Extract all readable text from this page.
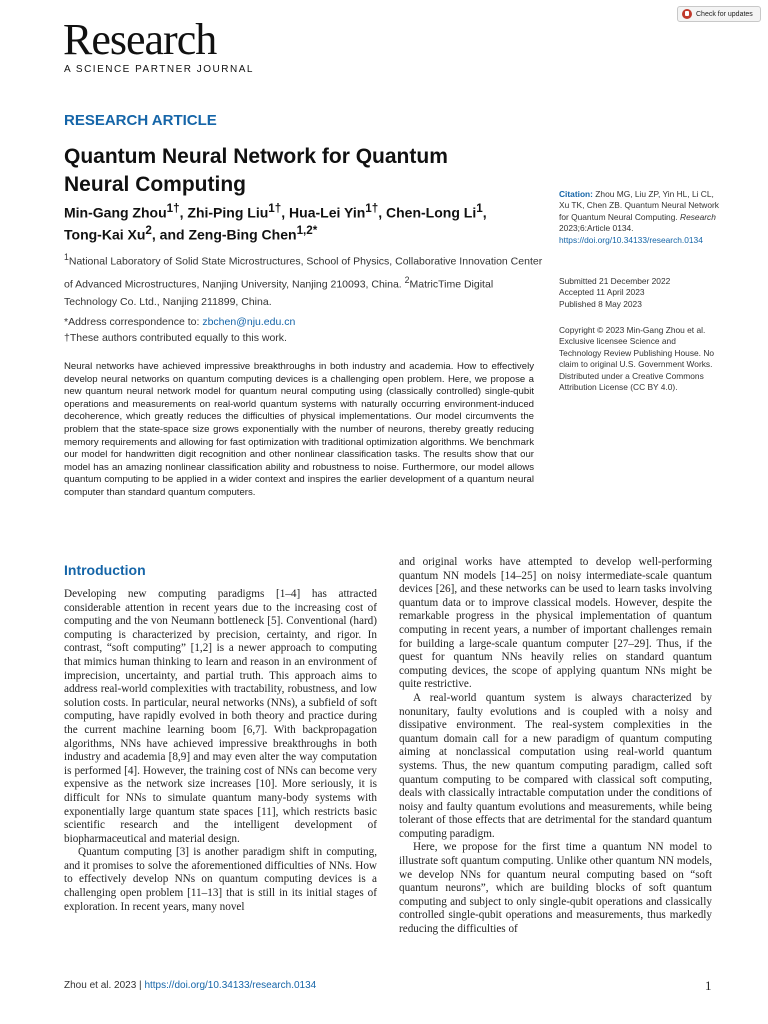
Research
A SCIENCE PARTNER JOURNAL
Check for updates
RESEARCH ARTICLE
Quantum Neural Network for Quantum Neural Computing
Min-Gang Zhou$^{1\dagger}$, Zhi-Ping Liu$^{1\dagger}$, Hua-Lei Yin$^{1\dagger}$, Chen-Long Li$^1$,
Tong-Kai Xu$^2$, and Zeng-Bing Chen$^{1,2*}$
$^1$National Laboratory of Solid State Microstructures, School of Physics, Collaborative Innovation Center of Advanced Microstructures, Nanjing University, Nanjing 210093, China. $^2$MatricTime Digital Technology Co. Ltd., Nanjing 211899, China.
*Address correspondence to: zbchen@nju.edu.cn
†These authors contributed equally to this work.
Neural networks have achieved impressive breakthroughs in both industry and academia. How to effectively develop neural networks on quantum computing devices is a challenging open problem. Here, we propose a new quantum neural network model for quantum neural computing using (classically controlled) single-qubit operations and measurements on real-world quantum systems with naturally occurring environment-induced decoherence, which greatly reduces the difficulties of physical implementations. Our model circumvents the problem that the state-space size grows exponentially with the number of neurons, thereby greatly reducing memory requirements and allowing for fast optimization with traditional optimization algorithms. We benchmark our model for handwritten digit recognition and other nonlinear classification tasks. The results show that our model has an amazing nonlinear classification ability and robustness to noise. Furthermore, our model allows quantum computing to be applied in a wider context and inspires the earlier development of a quantum neural computer than standard quantum computers.
Citation: Zhou MG, Liu ZP, Yin HL, Li CL, Xu TK, Chen ZB. Quantum Neural Network for Quantum Neural Computing. Research 2023;6:Article 0134. https://doi.org/10.34133/research.0134
Submitted 21 December 2022
Accepted 11 April 2023
Published 8 May 2023
Copyright © 2023 Min-Gang Zhou et al. Exclusive licensee Science and Technology Review Publishing House. No claim to original U.S. Government Works. Distributed under a Creative Commons Attribution License (CC BY 4.0).
Introduction

Developing new computing paradigms [1–4] has attracted considerable attention in recent years due to the increasing cost of computing and the von Neumann bottleneck [5]. Conventional (hard) computing is characterized by precision, certainty, and rigor. In contrast, “soft computing” [1,2] is a newer approach to computing that mimics human thinking to learn and reason in an environment of imprecision, uncertainty, and partial truth. This approach aims to address real-world complexities with tractability, robustness, and low solution costs. In particular, neural networks (NNs), a subfield of soft computing, have rapidly evolved in both theory and practice during the current machine learning boom [6,7]. With backpropagation algorithms, NNs have achieved impressive breakthroughs in both industry and academia [8,9] and may even alter the way computation is performed [4]. However, the training cost of NNs can become very expensive as the network size increases [10]. More seriously, it is difficult for NNs to simulate quantum many-body systems with exponentially large quantum state spaces [11], which restricts basic scientific research and the intelligent development of biopharmaceutical and material design.

Quantum computing [3] is another paradigm shift in computing, and it promises to solve the aforementioned difficulties of NNs. How to effectively develop NNs on quantum computing devices is a challenging open problem [11–13] that is still in its initial stages of exploration. In recent years, many novel

and original works have attempted to develop well-performing quantum NN models [14–25] on noisy intermediate-scale quantum devices [26], and these networks can be used to learn tasks involving quantum data or to improve classical models. However, despite the remarkable progress in the physical implementation of quantum computing in recent years, a number of important challenges remain for building a large-scale quantum computer [27–29]. Thus, if the quest for quantum NNs heavily relies on standard quantum computing devices, the scope of applying quantum NNs might be quite restrictive.

A real-world quantum system is always characterized by nonunitary, faulty evolutions and is coupled with a noisy and dissipative environment. The real-system complexities in the quantum domain call for a new paradigm of quantum computing aiming at nonclassical computation using real-world quantum systems. Thus, the new quantum computing paradigm, called soft quantum computing to be compared with classical soft computing, deals with classically intractable computation under the conditions of noisy and faulty quantum evolutions and measurements, while being tolerant of those effects that are detrimental for the standard quantum computing paradigm.

Here, we propose for the first time a quantum NN model to illustrate soft quantum computing. Unlike other quantum NN models, we develop NNs for quantum neural computing based on “soft quantum neurons”, which are building blocks of soft quantum computing and subject to only single-qubit operations and classically controlled single-qubit operations and measurements, thus markedly reducing the difficulties of

Zhou et al. 2023 | https://doi.org/10.34133/research.0134	1
